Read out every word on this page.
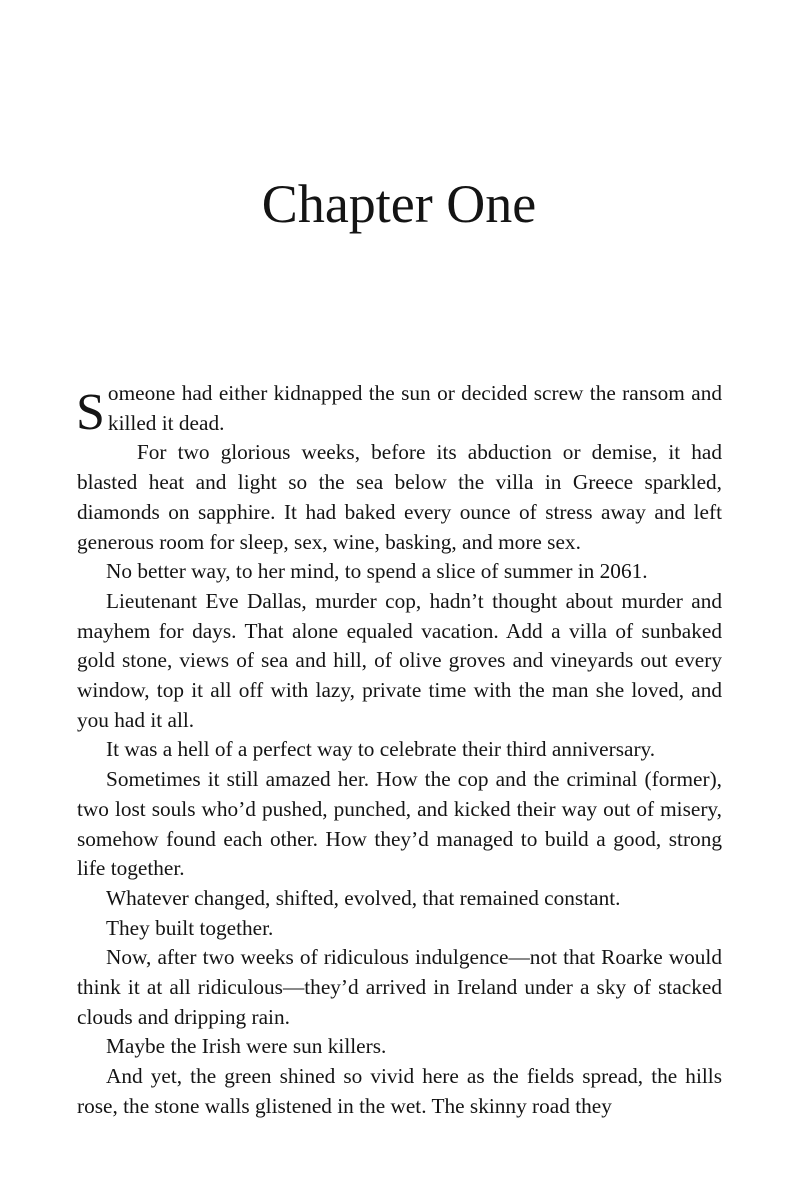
Chapter One

Someone had either kidnapped the sun or decided screw the ransom and killed it dead.

For two glorious weeks, before its abduction or demise, it had blasted heat and light so the sea below the villa in Greece sparkled, diamonds on sapphire. It had baked every ounce of stress away and left generous room for sleep, sex, wine, basking, and more sex.

No better way, to her mind, to spend a slice of summer in 2061.

Lieutenant Eve Dallas, murder cop, hadn’t thought about murder and mayhem for days. That alone equaled vacation. Add a villa of sunbaked gold stone, views of sea and hill, of olive groves and vineyards out every window, top it all off with lazy, private time with the man she loved, and you had it all.

It was a hell of a perfect way to celebrate their third anniversary.

Sometimes it still amazed her. How the cop and the criminal (former), two lost souls who’d pushed, punched, and kicked their way out of misery, somehow found each other. How they’d managed to build a good, strong life together.

Whatever changed, shifted, evolved, that remained constant.

They built together.

Now, after two weeks of ridiculous indulgence—not that Roarke would think it at all ridiculous—they’d arrived in Ireland under a sky of stacked clouds and dripping rain.

Maybe the Irish were sun killers.

And yet, the green shined so vivid here as the fields spread, the hills rose, the stone walls glistened in the wet. The skinny road they
